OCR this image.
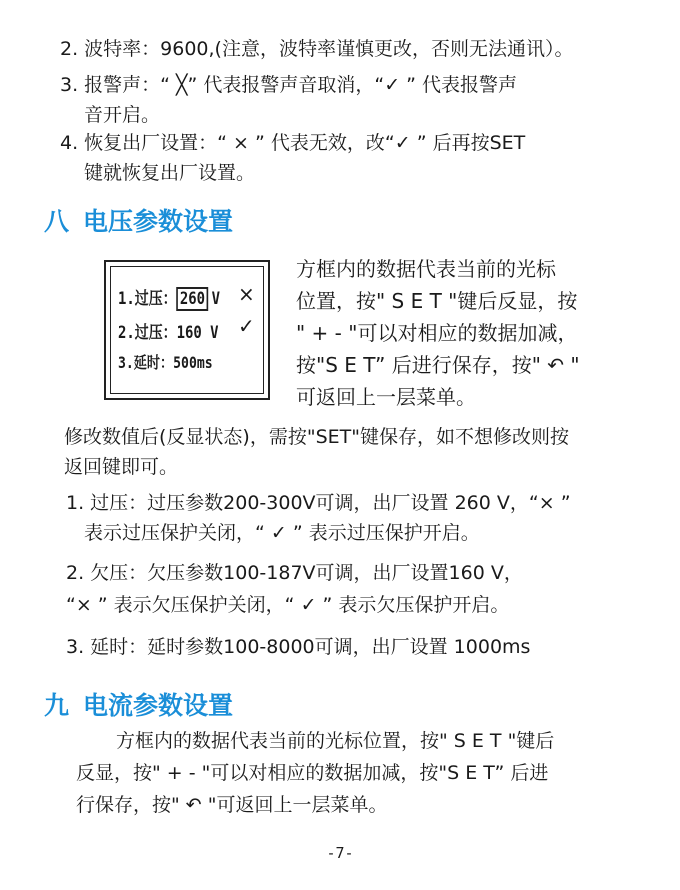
2. 波特率：9600,(注意，波特率谨慎更改，否则无法通讯）。
3. 报警声：“ ╳” 代表报警声音取消，“✓ ” 代表报警声
音开启。
4. 恢复出厂设置：“ × ” 代表无效，改“✓ ” 后再按SET
键就恢复出厂设置。
八 电压参数设置
1.过压： 260 V ×
2.过压：160 V ✓
3.延时：500ms
方框内的数据代表当前的光标
位置，按" S E T "键后反显，按
" + - "可以对相应的数据加减，
按"S E T” 后进行保存，按" ↶ "
可返回上一层菜单。
修改数值后(反显状态)，需按"SET"键保存，如不想修改则按
返回键即可。
1. 过压：过压参数200-300V可调，出厂设置 260 V，“× ”
表示过压保护关闭，“ ✓ ” 表示过压保护开启。
2. 欠压：欠压参数100-187V可调，出厂设置160 V，
“× ” 表示欠压保护关闭，“ ✓ ” 表示欠压保护开启。
3. 延时：延时参数100-8000可调，出厂设置 1000ms
九 电流参数设置
方框内的数据代表当前的光标位置，按" S E T "键后
反显，按" + - "可以对相应的数据加减，按"S E T” 后进
行保存，按" ↶ "可返回上一层菜单。
-7-
